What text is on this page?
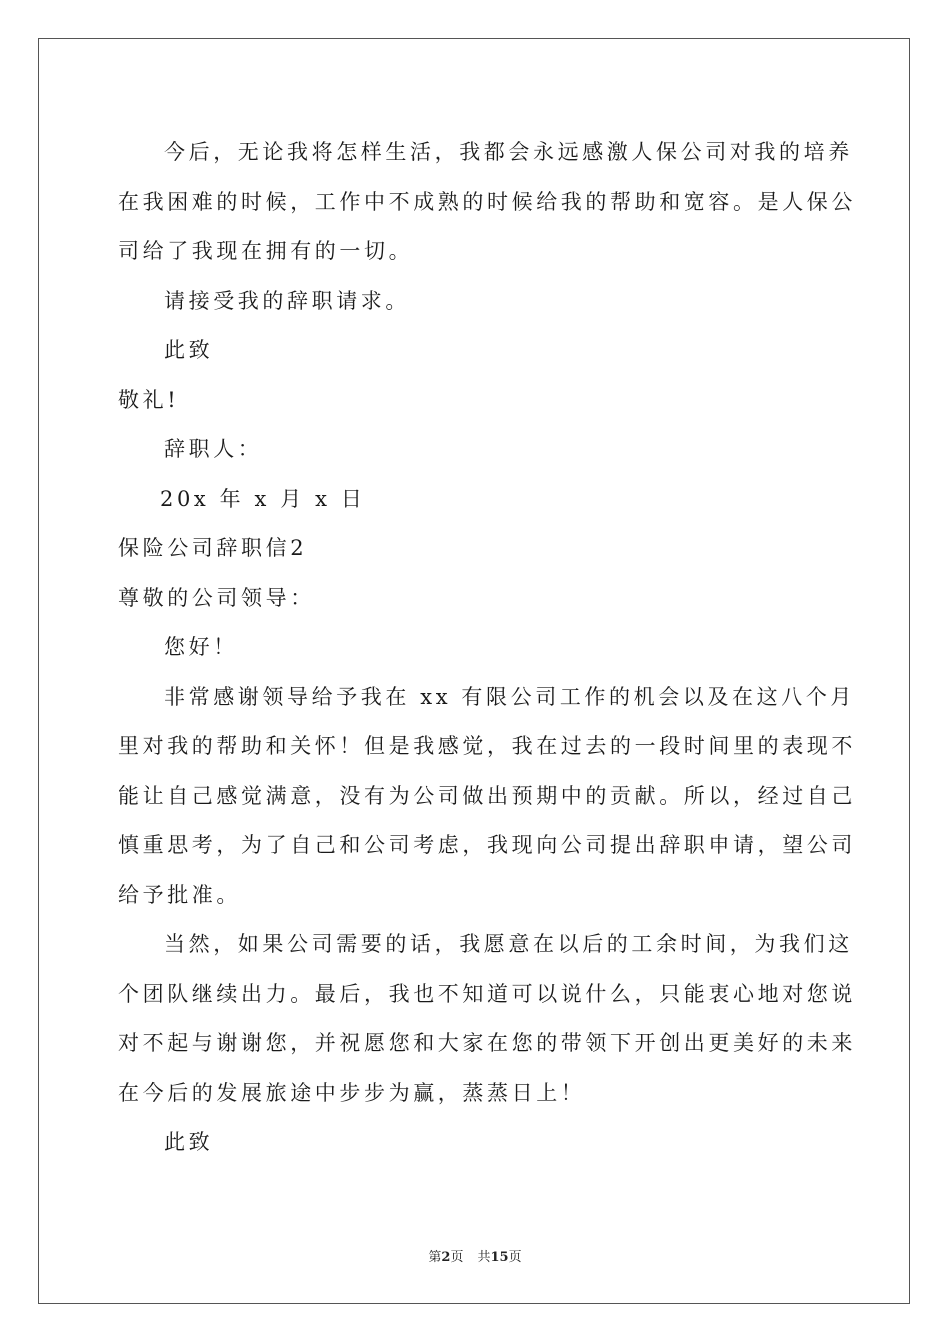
今后，无论我将怎样生活，我都会永远感激人保公司对我的培养
在我困难的时候，工作中不成熟的时候给我的帮助和宽容。是人保公
司给了我现在拥有的一切。
请接受我的辞职请求。
此致
敬礼!
辞职人：
20x 年 x 月 x 日
保险公司辞职信2
尊敬的公司领导：
您好！
非常感谢领导给予我在 xx 有限公司工作的机会以及在这八个月
里对我的帮助和关怀！但是我感觉，我在过去的一段时间里的表现不
能让自己感觉满意，没有为公司做出预期中的贡献。所以，经过自己
慎重思考，为了自己和公司考虑，我现向公司提出辞职申请，望公司
给予批准。
当然，如果公司需要的话，我愿意在以后的工余时间，为我们这
个团队继续出力。最后，我也不知道可以说什么，只能衷心地对您说
对不起与谢谢您，并祝愿您和大家在您的带领下开创出更美好的未来
在今后的发展旅途中步步为赢，蒸蒸日上！
此致
第2页 共15页
